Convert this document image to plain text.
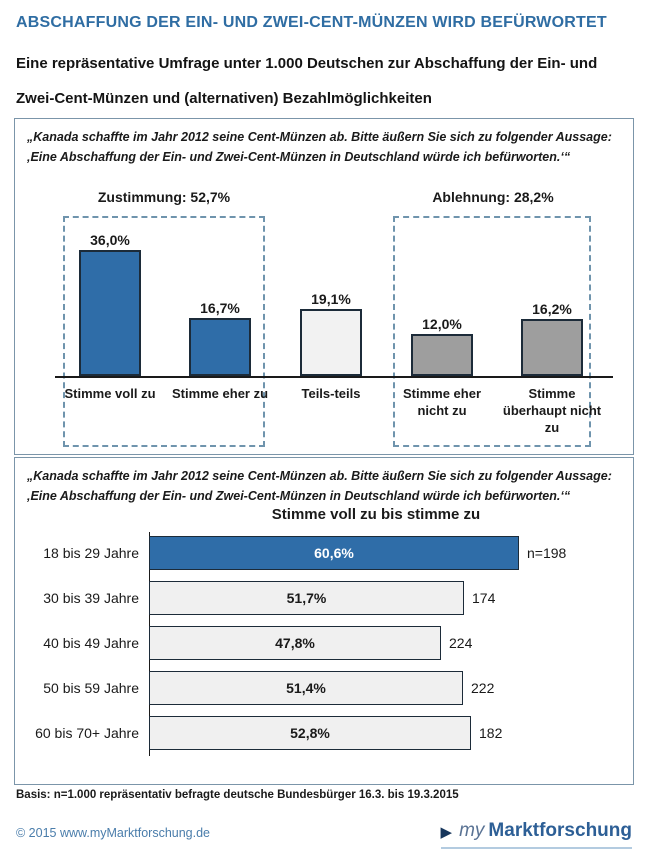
ABSCHAFFUNG DER EIN- UND ZWEI-CENT-MÜNZEN WIRD BEFÜRWORTET
Eine repräsentative Umfrage unter 1.000 Deutschen zur Abschaffung der Ein- und
Zwei-Cent-Münzen und (alternativen) Bezahlmöglichkeiten
„Kanada schaffte im Jahr 2012 seine Cent-Münzen ab. Bitte äußern Sie sich zu folgender Aussage:
‚Eine Abschaffung der Ein- und Zwei-Cent-Münzen in Deutschland würde ich befürworten.‘“
Zustimmung: 52,7%	Ablehnung: 28,2%
36,0%
16,7%
19,1%
12,0%
16,2%
Stimme voll zu	Stimme eher zu	Teils-teils	Stimme eher nicht zu
Stimme überhaupt nicht zu
„Kanada schaffte im Jahr 2012 seine Cent-Münzen ab. Bitte äußern Sie sich zu folgender Aussage:
‚Eine Abschaffung der Ein- und Zwei-Cent-Münzen in Deutschland würde ich befürworten.‘“
Stimme voll zu bis stimme zu
18 bis 29 Jahre	60,6%	n=198
30 bis 39 Jahre	51,7%	174
40 bis 49 Jahre	47,8%	224
50 bis 59 Jahre	51,4%	222
60 bis 70+ Jahre	52,8%	182
Basis: n=1.000 repräsentativ befragte deutsche Bundesbürger 16.3. bis 19.3.2015
© 2015 www.myMarktforschung.de	▶ my Marktforschung
